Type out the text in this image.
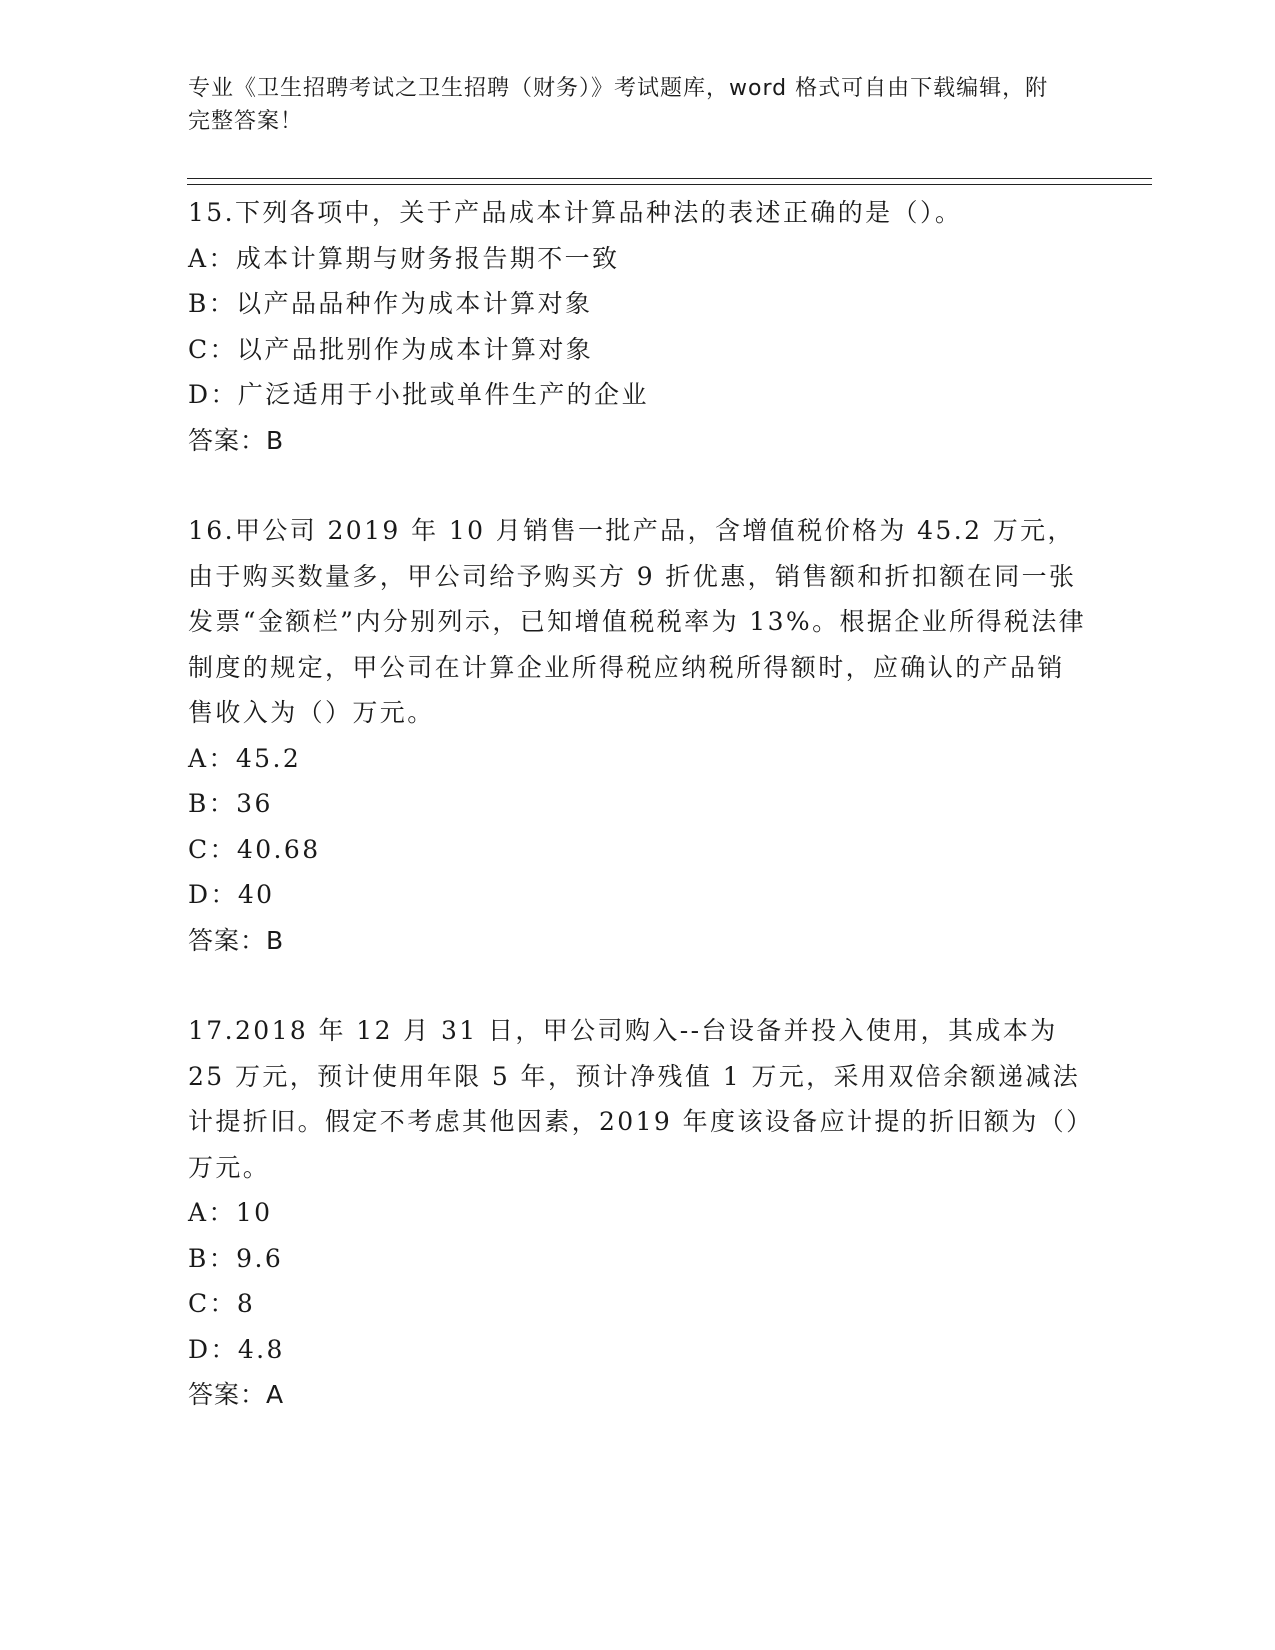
专业《卫生招聘考试之卫生招聘（财务）》考试题库，word 格式可自由下载编辑，附完整答案！

15.下列各项中，关于产品成本计算品种法的表述正确的是（）。

A：成本计算期与财务报告期不一致

B：以产品品种作为成本计算对象

C：以产品批别作为成本计算对象

D：广泛适用于小批或单件生产的企业

答案：B

16.甲公司 2019 年 10 月销售一批产品，含增值税价格为 45.2 万元，由于购买数量多，甲公司给予购买方 9 折优惠，销售额和折扣额在同一张发票“金额栏”内分别列示，已知增值税税率为 13%。根据企业所得税法律制度的规定，甲公司在计算企业所得税应纳税所得额时，应确认的产品销售收入为（）万元。

A：45.2

B：36

C：40.68

D：40

答案：B

17.2018 年 12 月 31 日，甲公司购入--台设备并投入使用，其成本为 25 万元，预计使用年限 5 年，预计净残值 1 万元，采用双倍余额递减法计提折旧。假定不考虑其他因素，2019 年度该设备应计提的折旧额为（）万元。

A：10

B：9.6

C：8

D：4.8

答案：A
